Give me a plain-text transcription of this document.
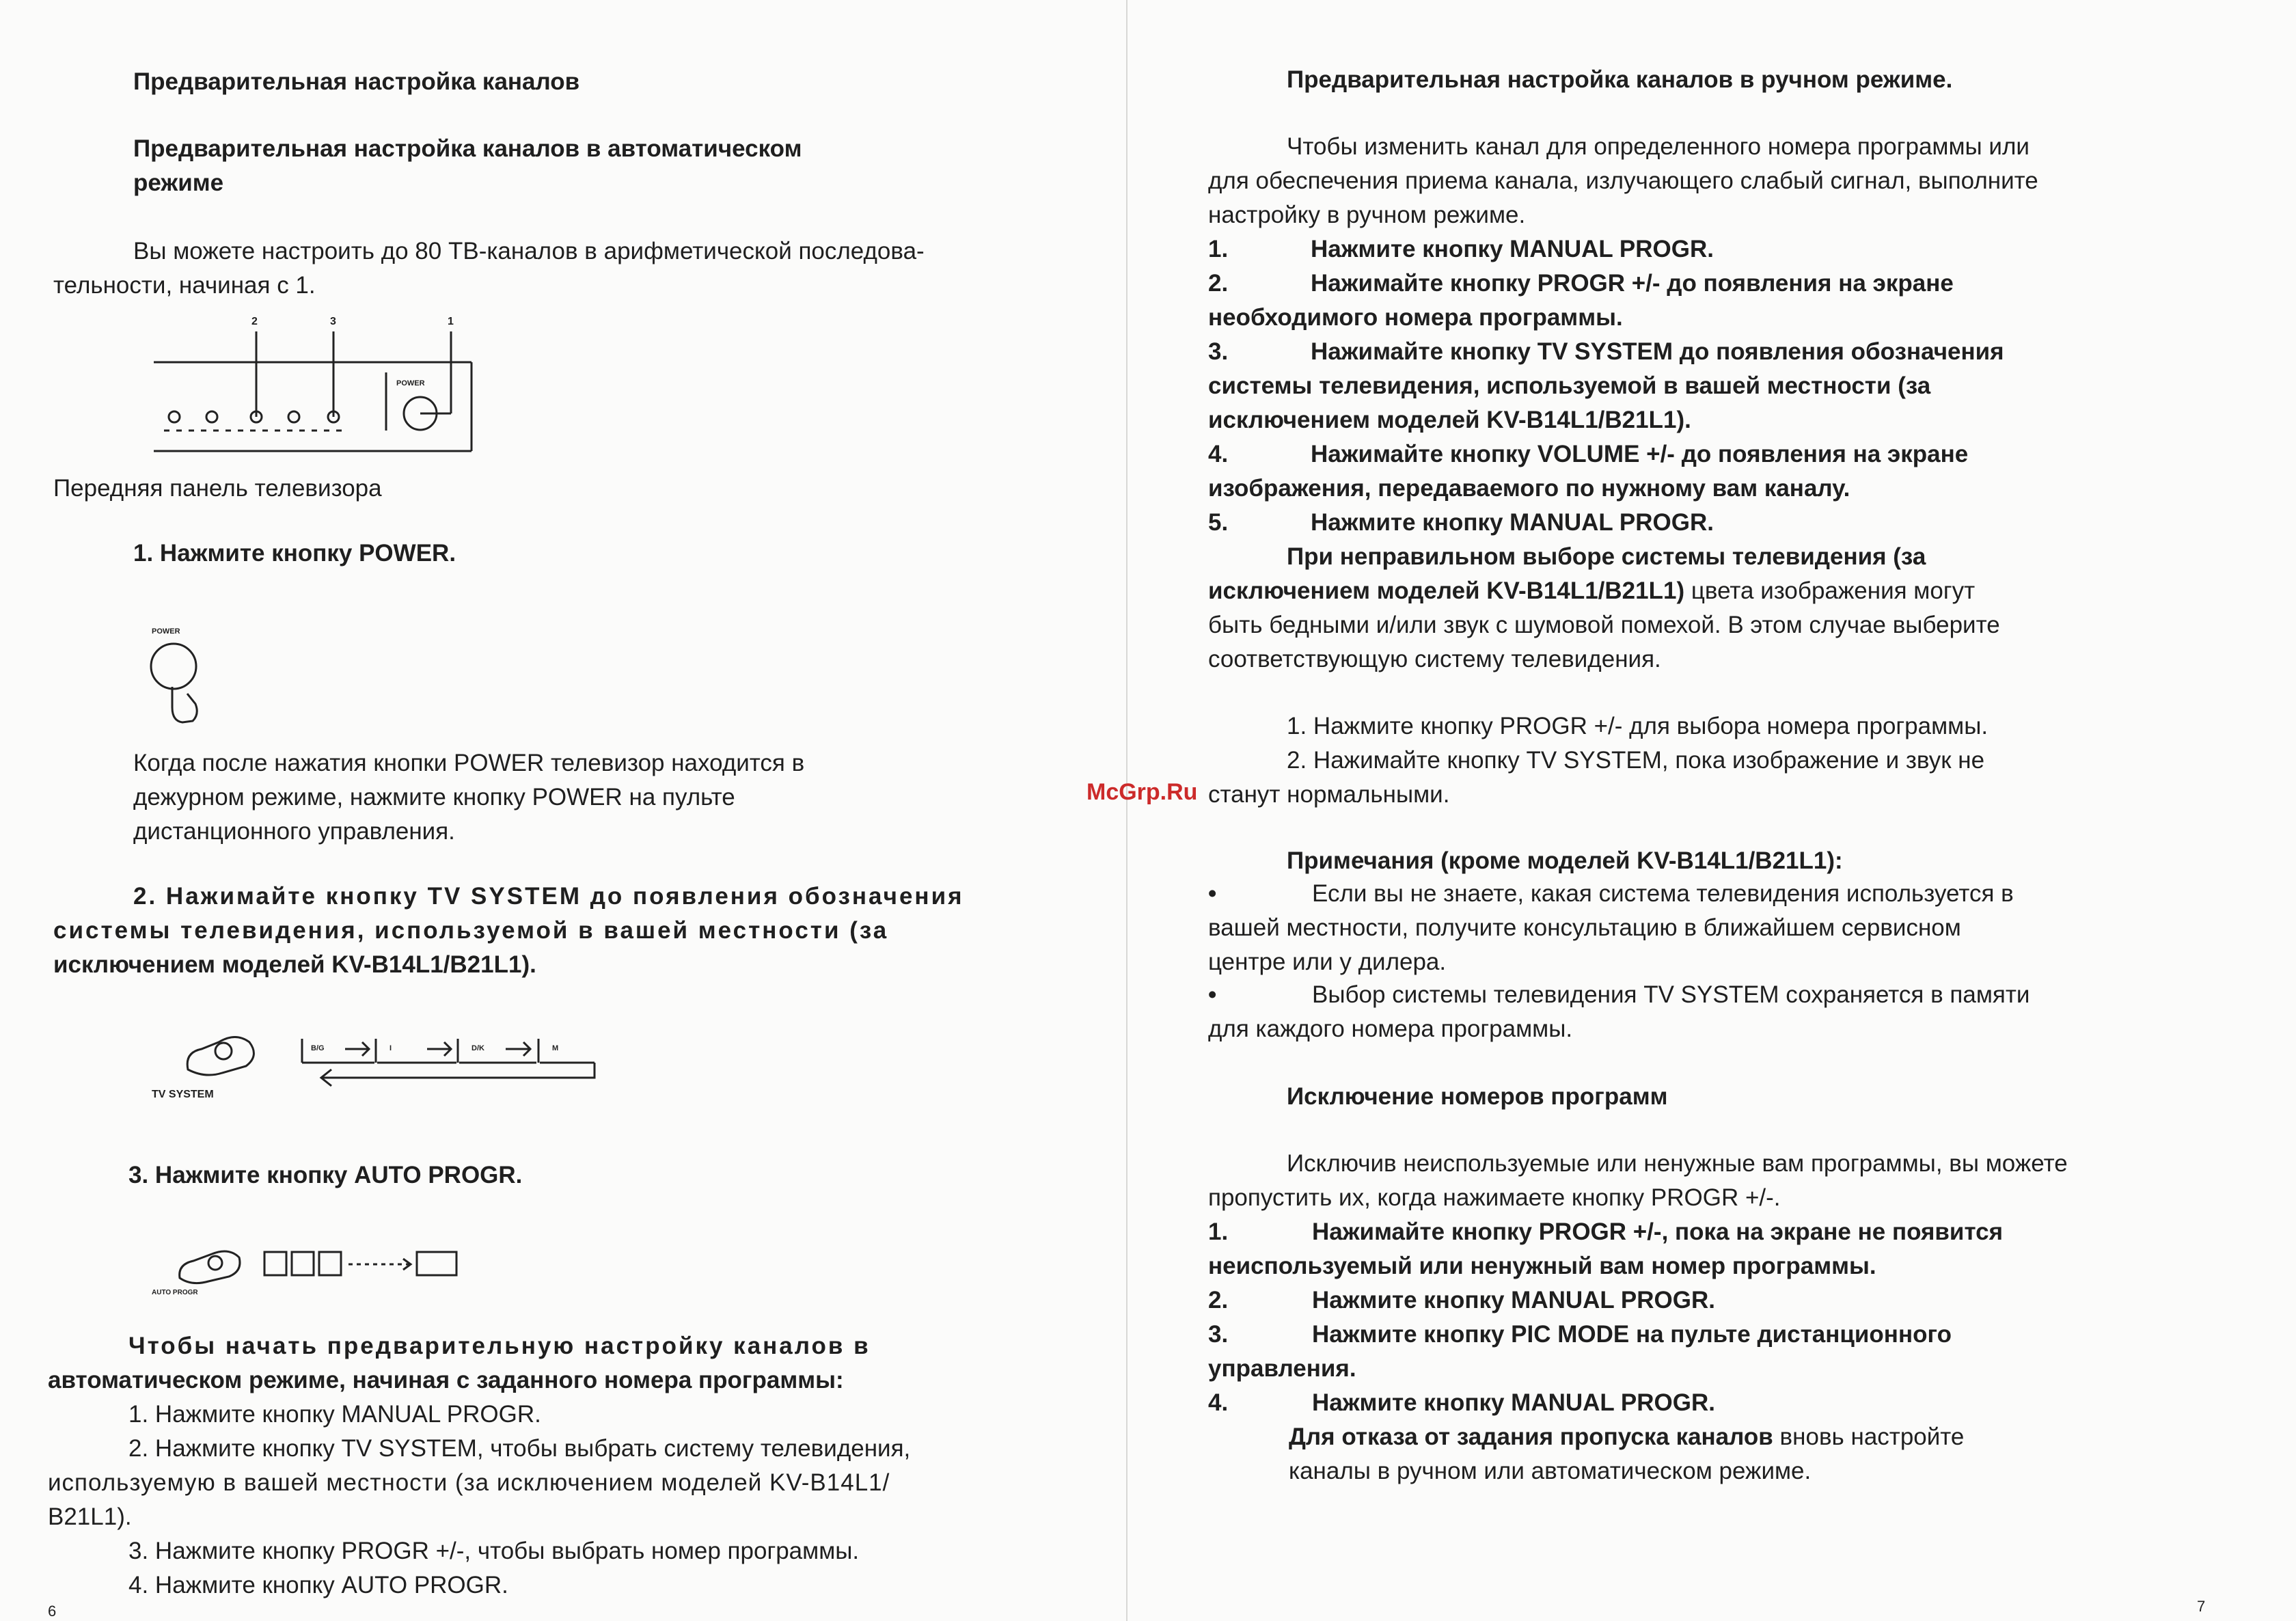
Предварительная настройка каналов
Предварительная настройка каналов в автоматическом
режиме
Вы можете настроить до 80 ТВ-каналов в арифметической последова-
тельности, начиная с 1.
2	3	1
POWER
Передняя панель телевизора
1. Нажмите кнопку POWER.
POWER
Когда после нажатия кнопки POWER телевизор находится в
дежурном режиме, нажмите кнопку POWER на пульте
дистанционного управления.
2. Нажимайте кнопку TV SYSTEM до появления обозначения
системы телевидения, используемой в вашей местности (за
исключением моделей KV-B14L1/B21L1).
TV SYSTEM
B/G	I	D/K	M
3. Нажмите кнопку AUTO PROGR.
AUTO PROGR
Чтобы начать предварительную настройку каналов в
автоматическом режиме, начиная с заданного номера программы:
1. Нажмите кнопку MANUAL PROGR.
2. Нажмите кнопку TV SYSTEM, чтобы выбрать систему телевидения,
используемую в вашей местности (за исключением моделей KV-B14L1/
B21L1).
3. Нажмите кнопку PROGR +/-, чтобы выбрать номер программы.
4. Нажмите кнопку AUTO PROGR.
6
Предварительная настройка каналов в ручном режиме.
Чтобы изменить канал для определенного номера программы или
для обеспечения приема канала, излучающего слабый сигнал, выполните
настройку в ручном режиме.
1.	Нажмите кнопку MANUAL PROGR.
2.	Нажимайте кнопку PROGR +/- до появления на экране
необходимого номера программы.
3.	Нажимайте кнопку TV SYSTEM до появления обозначения
системы телевидения, используемой в вашей местности (за
исключением моделей KV-B14L1/B21L1).
4.	Нажимайте кнопку VOLUME +/- до появления на экране
изображения, передаваемого по нужному вам каналу.
5.	Нажмите кнопку MANUAL PROGR.
При неправильном выборе системы телевидения (за
исключением моделей KV-B14L1/B21L1) цвета изображения могут
быть бедными и/или звук с шумовой помехой. В этом случае выберите
соответствующую систему телевидения.
1. Нажмите кнопку PROGR +/- для выбора номера программы.
2. Нажимайте кнопку TV SYSTEM, пока изображение и звук не
станут нормальными.
Примечания (кроме моделей KV-B14L1/B21L1):
•	Если вы не знаете, какая система телевидения используется в
вашей местности, получите консультацию в ближайшем сервисном
центре или у дилера.
•	Выбор системы телевидения TV SYSTEM сохраняется в памяти
для каждого номера программы.
Исключение номеров программ
Исключив неиспользуемые или ненужные вам программы, вы можете
пропустить их, когда нажимаете кнопку PROGR +/-.
1.	Нажимайте кнопку PROGR +/-, пока на экране не появится
неиспользуемый или ненужный вам номер программы.
2.	Нажмите кнопку MANUAL PROGR.
3.	Нажмите кнопку PIC MODE на пульте дистанционного
управления.
4.	Нажмите кнопку MANUAL PROGR.
Для отказа от задания пропуска каналов вновь настройте
каналы в ручном или автоматическом режиме.
7
McGrp.Ru
